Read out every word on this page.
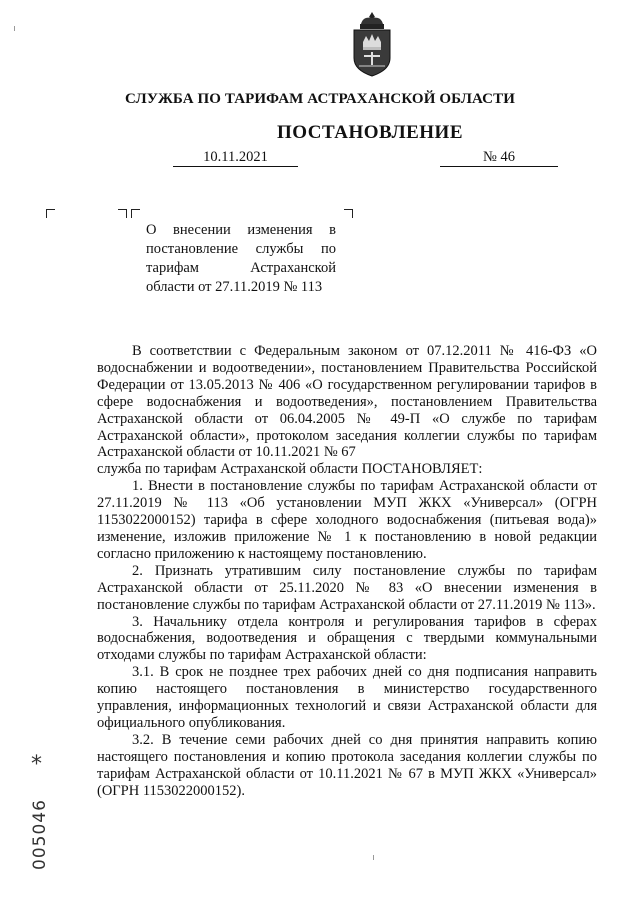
СЛУЖБА ПО ТАРИФАМ АСТРАХАНСКОЙ ОБЛАСТИ
ПОСТАНОВЛЕНИЕ
10.11.2021	№ 46
О внесении изменения в постановление службы по тарифам Астраханской области от 27.11.2019 № 113

В соответствии с Федеральным законом от 07.12.2011 № 416-ФЗ «О водоснабжении и водоотведении», постановлением Правительства Российской Федерации от 13.05.2013 № 406 «О государственном регулировании тарифов в сфере водоснабжения и водоотведения», постановлением Правительства Астраханской области от 06.04.2005 № 49-П «О службе по тарифам Астраханской области», протоколом заседания коллегии службы по тарифам Астраханской области от 10.11.2021 № 67

служба по тарифам Астраханской области ПОСТАНОВЛЯЕТ:

1. Внести в постановление службы по тарифам Астраханской области от 27.11.2019 № 113 «Об установлении МУП ЖКХ «Универсал» (ОГРН 1153022000152) тарифа в сфере холодного водоснабжения (питьевая вода)» изменение, изложив приложение № 1 к постановлению в новой редакции согласно приложению к настоящему постановлению.

2. Признать утратившим силу постановление службы по тарифам Астраханской области от 25.11.2020 № 83 «О внесении изменения в постановление службы по тарифам Астраханской области от 27.11.2019 № 113».

3. Начальнику отдела контроля и регулирования тарифов в сферах водоснабжения, водоотведения и обращения с твердыми коммунальными отходами службы по тарифам Астраханской области:

3.1. В срок не позднее трех рабочих дней со дня подписания направить копию настоящего постановления в министерство государственного управления, информационных технологий и связи Астраханской области для официального опубликования.

3.2. В течение семи рабочих дней со дня принятия направить копию настоящего постановления и копию протокола заседания коллегии службы по тарифам Астраханской области от 10.11.2021 № 67 в МУП ЖКХ «Универсал» (ОГРН 1153022000152).

*
005046
